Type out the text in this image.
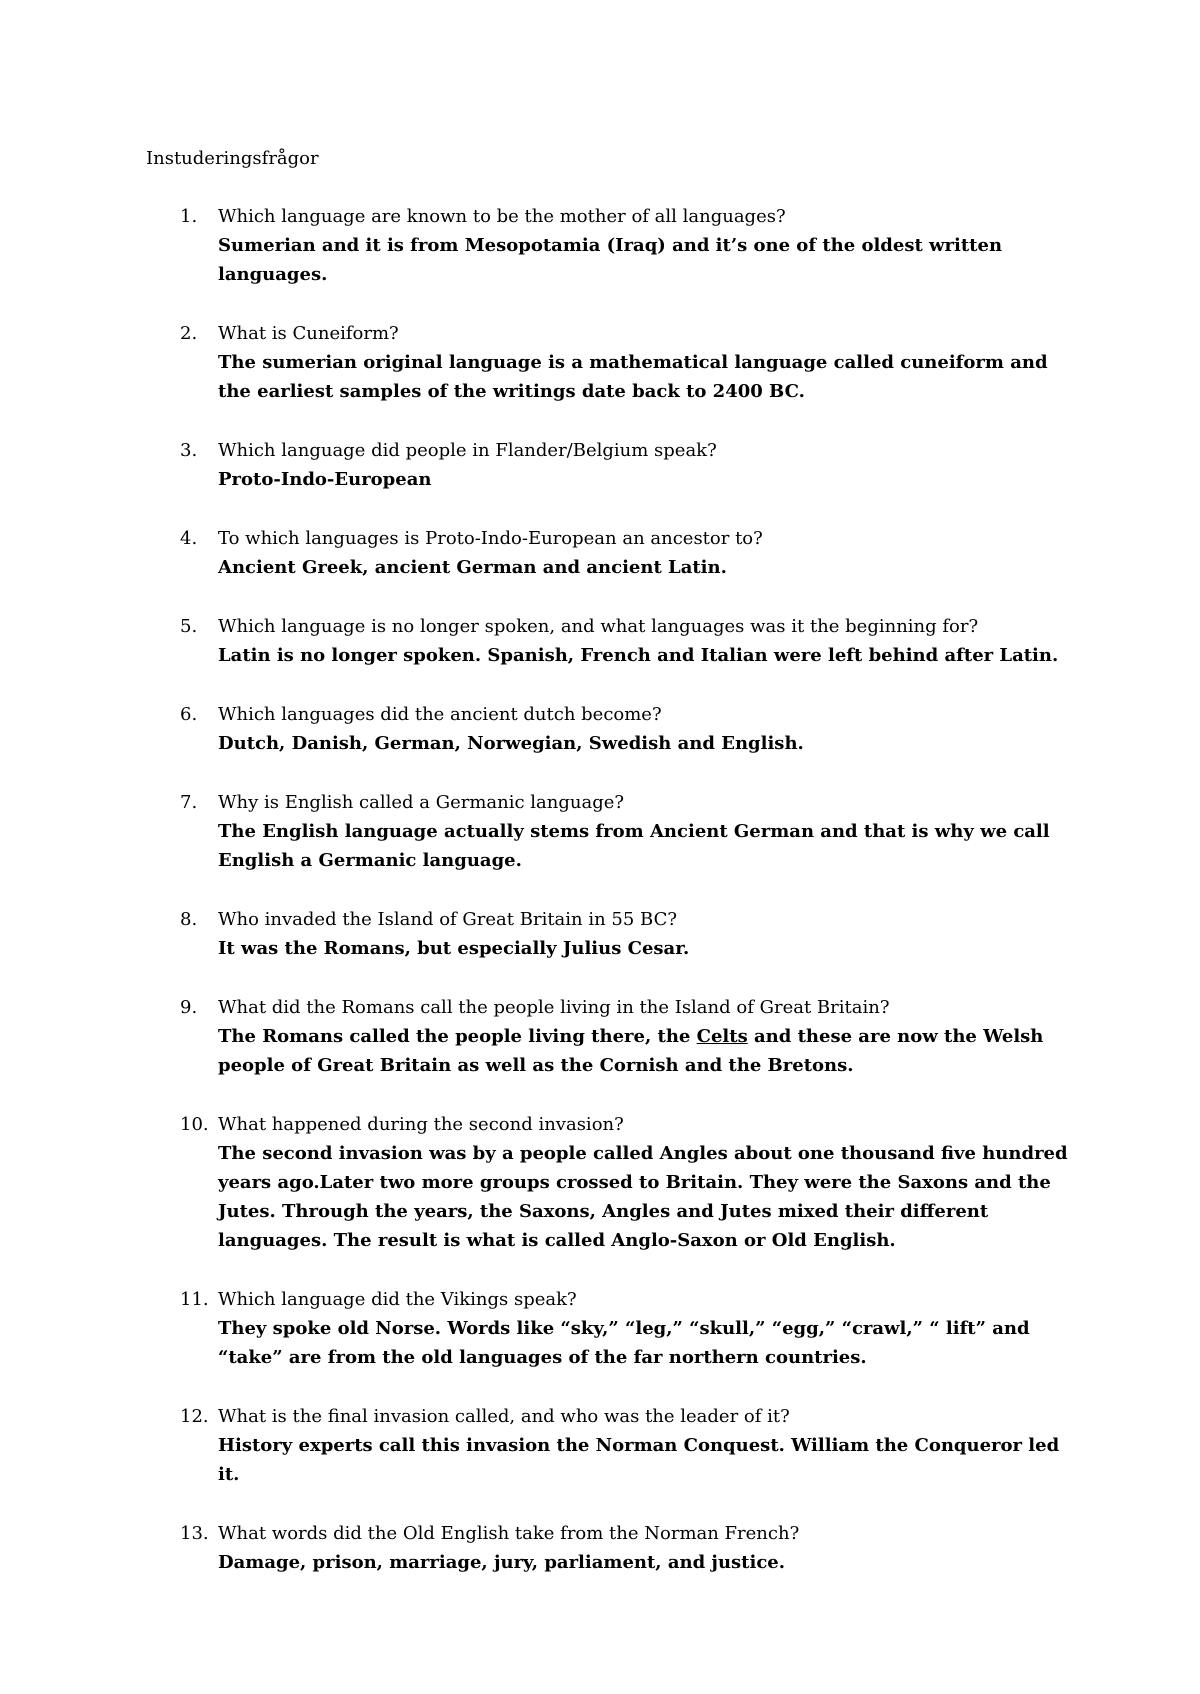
Instuderingsfrågor
1. Which language are known to be the mother of all languages?

Sumerian and it is from Mesopotamia (Iraq) and it’s one of the oldest written languages.

2. What is Cuneiform?

The sumerian original language is a mathematical language called cuneiform and the earliest samples of the writings date back to 2400 BC.

3. Which language did people in Flander/Belgium speak?

Proto-Indo-European

4. To which languages is Proto-Indo-European an ancestor to?

Ancient Greek, ancient German and ancient Latin.

5. Which language is no longer spoken, and what languages was it the beginning for?

Latin is no longer spoken. Spanish, French and Italian were left behind after Latin.

6. Which languages did the ancient dutch become?

Dutch, Danish, German, Norwegian, Swedish and English.

7. Why is English called a Germanic language?

The English language actually stems from Ancient German and that is why we call English a Germanic language.

8. Who invaded the Island of Great Britain in 55 BC?

It was the Romans, but especially Julius Cesar.

9. What did the Romans call the people living in the Island of Great Britain?

The Romans called the people living there, the Celts and these are now the Welsh people of Great Britain as well as the Cornish and the Bretons.

10. What happened during the second invasion?

The second invasion was by a people called Angles about one thousand five hundred years ago.Later two more groups crossed to Britain. They were the Saxons and the Jutes. Through the years, the Saxons, Angles and Jutes mixed their different languages. The result is what is called Anglo-Saxon or Old English.

11. Which language did the Vikings speak?

They spoke old Norse. Words like “sky,” “leg,” “skull,” “egg,” “crawl,” “ lift” and “take” are from the old languages of the far northern countries.

12. What is the final invasion called, and who was the leader of it?

History experts call this invasion the Norman Conquest. William the Conqueror led it.

13. What words did the Old English take from the Norman French?

Damage, prison, marriage, jury, parliament, and justice.
